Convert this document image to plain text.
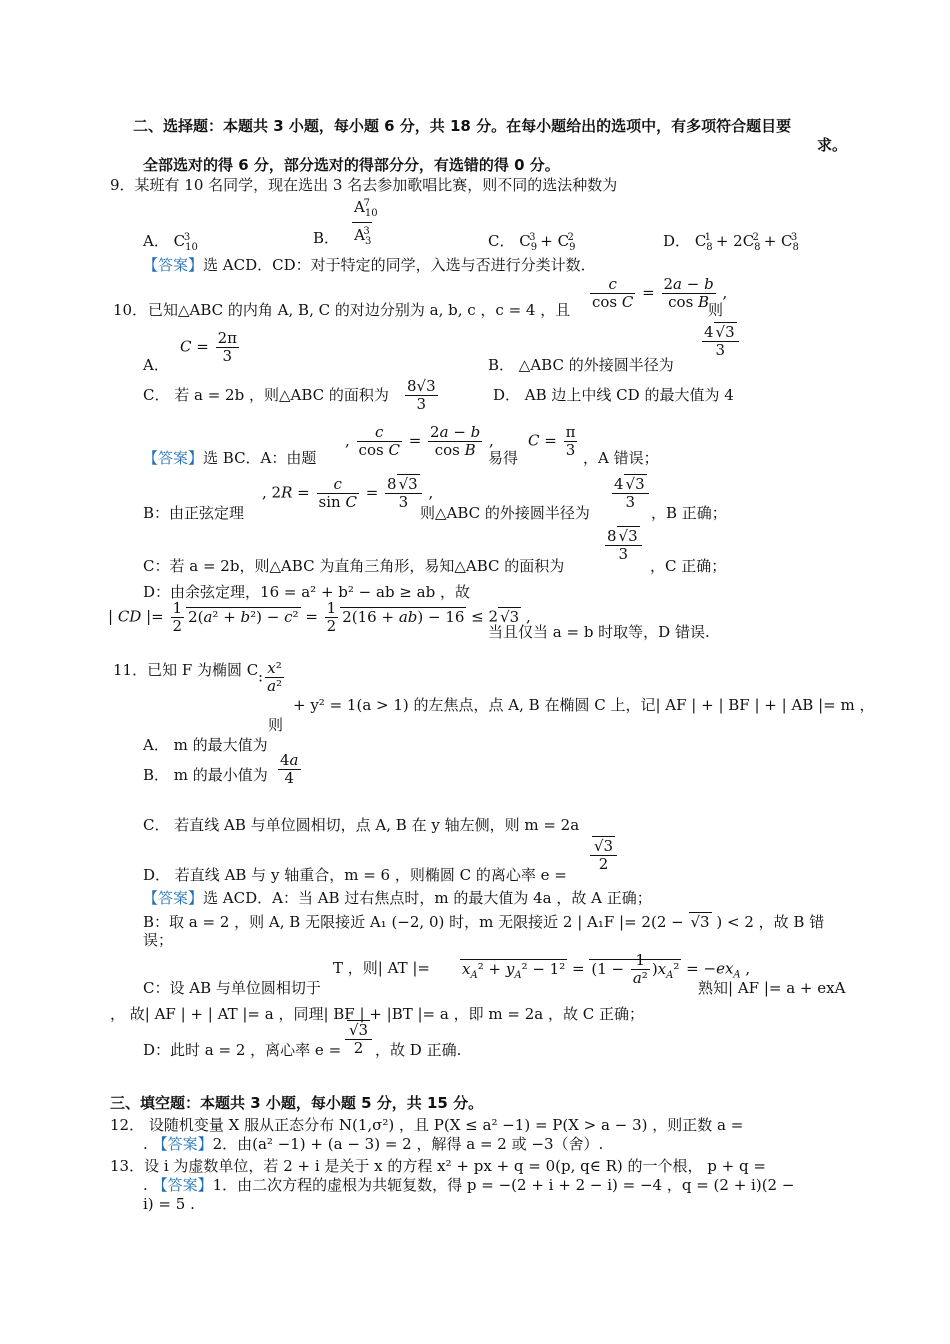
二、选择题：本题共 3 小题，每小题 6 分，共 18 分。在每小题给出的选项中，有多项符合题目要
求。
全部选对的得 6 分，部分选对的得部分分，有选错的得 0 分。
9．某班有 10 名同学，现在选出 3 名去参加歌唱比赛，则不同的选法种数为
A． $C_{10}^3$	B． $\frac{A_{10}^7}{A_3^3}$	C． $C_9^3 + C_9^2$	D． $C_8^1 + 2C_8^2 + C_8^3$
【答案】选 ACD．CD：对于特定的同学，入选与否进行分类计数．
10． 已知△ABC 的内角 A, B, C 的对边分别为 a, b, c ，c = 4 ，且 $\frac{c}{\text{cos C}} = \frac{2a - b}{\text{cos B}}$ ,
则
A．
$C = \frac{2\pi}{3}$	B． △ABC 的外接圆半径为
$\frac{4 √3}{3}$
C． 若 a = 2b ，则△ABC 的面积为 $\frac{8√3}{3}$	D． AB 边上中线 CD 的最大值为 4
【答案】选 BC．A：由题
, $\frac{c}{\text{cos C}} = \frac{2a - b}{\text{cos B}}$ ,
易得
$C = \frac{\pi}{3}$ ，A 错误；
B：由正弦定理
, $2R = \frac{c}{\text{sin C}} = \frac{8 √3}{3}$ ,
则△ABC 的外接圆半径为
$\frac{4 √3}{3}$
，B 正确；
C：若 a = 2b，则△ABC 为直角三角形，易知△ABC 的面积为
$\frac{8 √3}{3}$
，C 正确；
D：由余弦定理，16 = a² + b² − ab ≥ ab ，故
| CD |= $\frac{1}{2} 2(a^2 + b^2) - c^2 = \frac{1}{2} 2(16 + ab) - 16 \le 2$ √3 ,
当且仅当 a = b 时取等，D 错误.
11．已知 F 为椭圆 C : $\frac{\text{x²}}{\text{a²}}$
+ y² = 1(a > 1) 的左焦点，点 A, B 在椭圆 C 上，记| AF | + | BF | + | AB |= m ，
则
A． m 的最大值为
B． m 的最小值为 $\frac{4a}{4}$
C． 若直线 AB 与单位圆相切，点 A, B 在 y 轴左侧，则 m = 2a
D． 若直线 AB 与 y 轴重合，m = 6 ，则椭圆 C 的离心率 e =
$\frac{√3}{2}$
【答案】选 ACD．A：当 AB 过右焦点时，m 的最大值为 4a ，故 A 正确；
B：取 a = 2 ，则 A, B 无限接近 A₁ (−2, 0) 时，m 无限接近 2 | A₁F |= 2(2 − √3 ) < 2 ，故 B 错
误；
C：设 AB 与单位圆相切于
T ，则| AT |= $x_A^2 + y_A^2 - 1^2 = (1 - \frac{1}{\text{a²}} )x_A^2 = -ex_A$ ,
熟知| AF |= a + exA
， 故| AF | + | AT |= a ，同理| BF | + |BT |= a ，即 m = 2a ，故 C 正确；
D：此时 a = 2 ，离心率 $e = \frac{√3}{2}$ ，故 D 正确.
三、填空题：本题共 3 小题，每小题 5 分，共 15 分。
12． 设随机变量 X 服从正态分布 N(1,σ²) ，且 P(X ≤ a² −1) = P(X > a − 3) ，则正数 a =
. 【答案】2．由(a² −1) + (a − 3) = 2 ，解得 a = 2 或 −3（舍）.
13．设 i 为虚数单位，若 2 + i 是关于 x 的方程 x² + px + q = 0(p, q∈ R) 的一个根， p + q =
. 【答案】1．由二次方程的虚根为共轭复数，得 p = −(2 + i + 2 − i) = −4 ，q = (2 + i)(2 −
i) = 5 .
